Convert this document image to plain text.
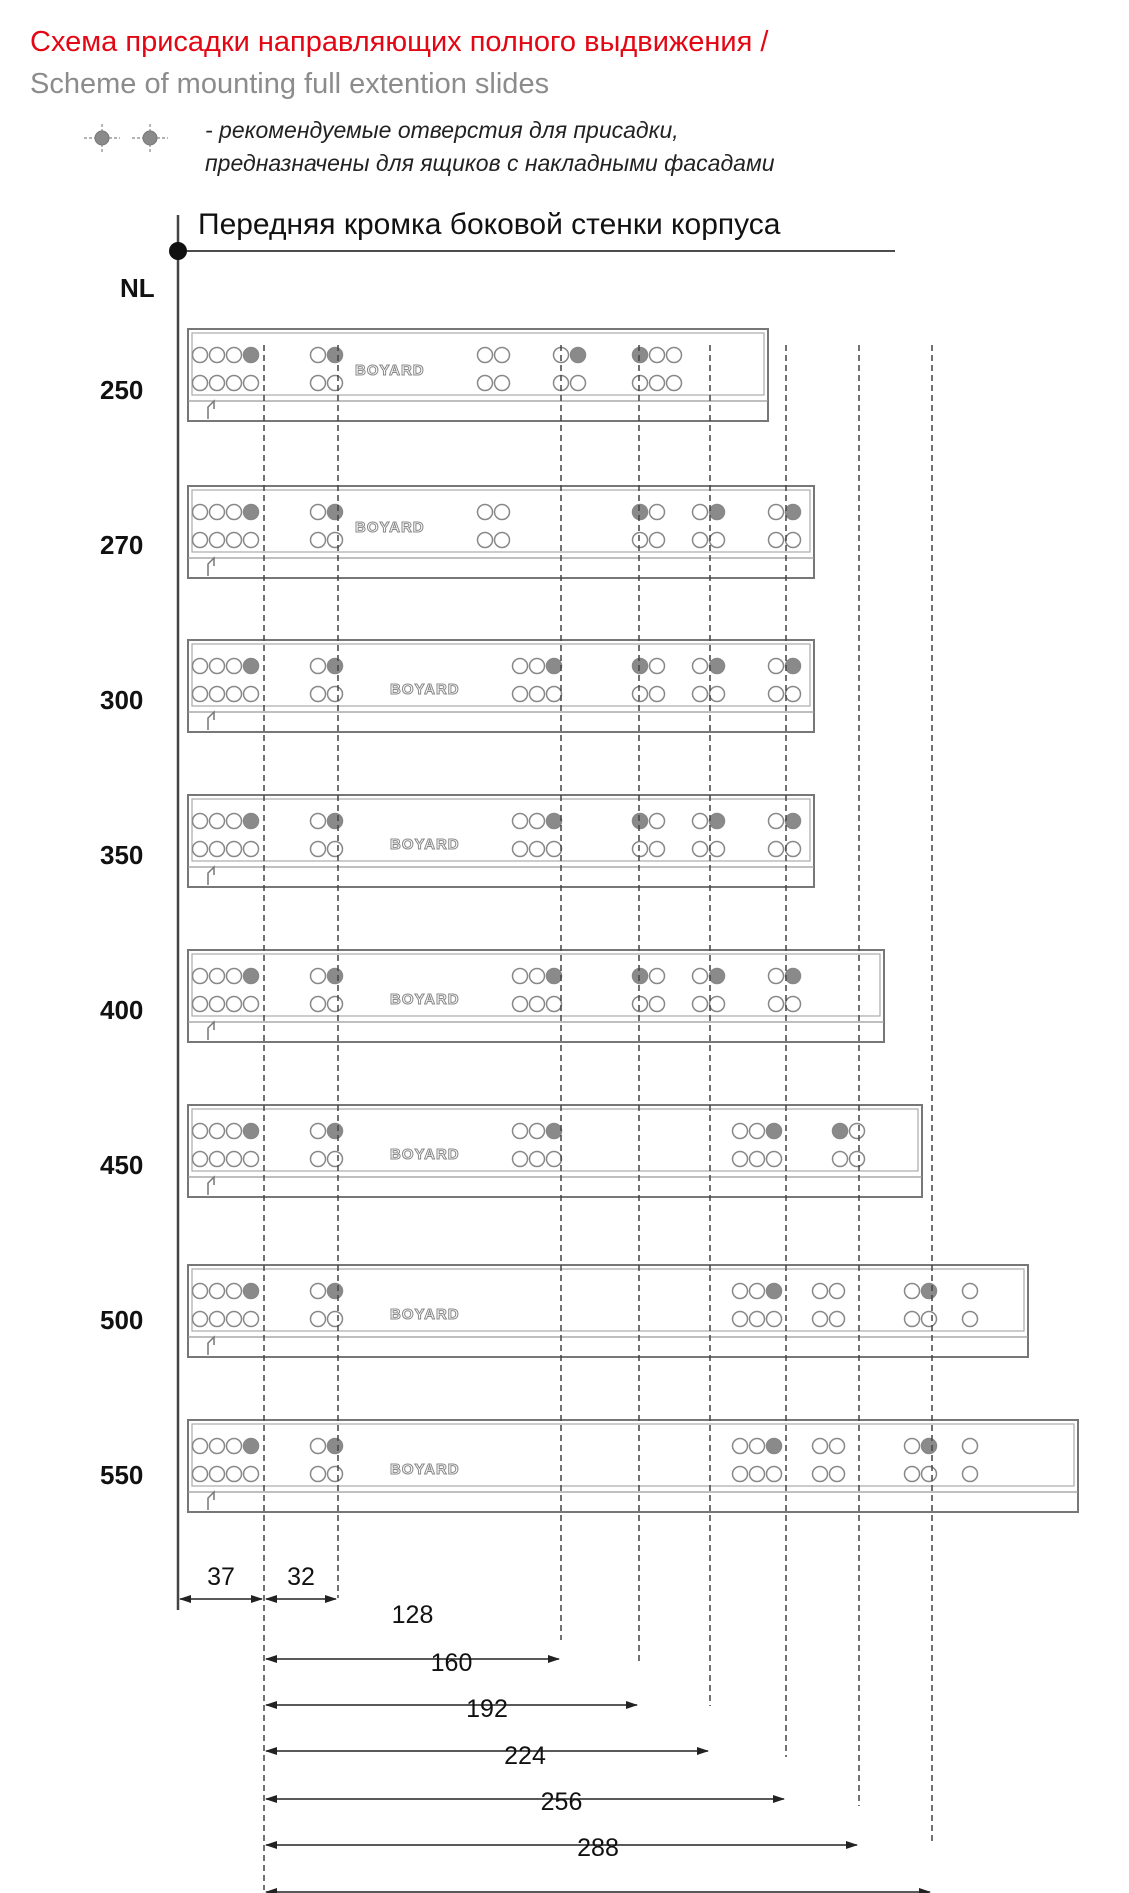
Схема присадки направляющих полного выдвижения /
Scheme of mounting full extention slides
- рекомендуемые отверстия для присадки,
предназначены для ящиков с накладными фасадами
BOYARD
BOYARD
BOYARD
BOYARD
BOYARD
BOYARD
BOYARD
BOYARD
Передняя кромка боковой стенки корпуса
NL
250
270
300
350
400
450
500
550
37 32
128
160
192
224
256
288
